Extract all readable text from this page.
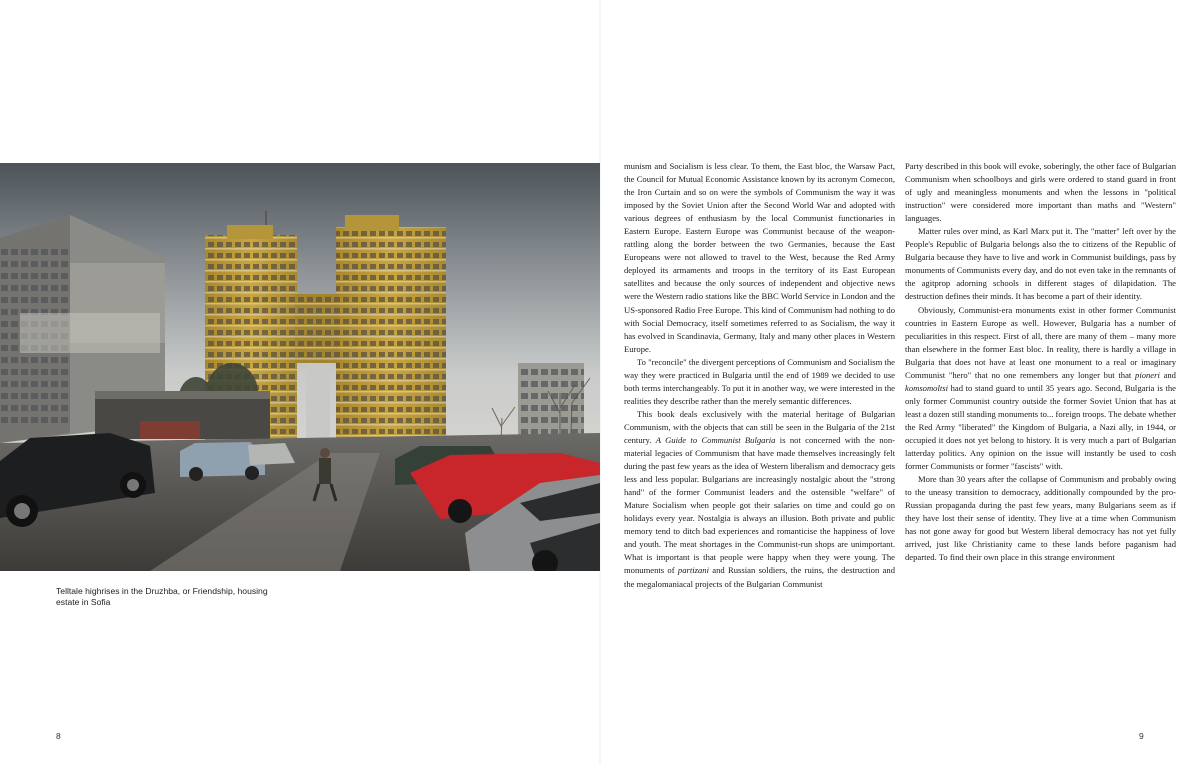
Telltale highrises in the Druzhba, or Friendship, housing estate in Sofia

munism and Socialism is less clear. To them, the East bloc, the Warsaw Pact, the Council for Mutual Economic Assistance known by its acronym Comecon, the Iron Curtain and so on were the symbols of Communism the way it was imposed by the Soviet Union after the Second World War and adopted with various degrees of enthusiasm by the local Communist functionaries in Eastern Europe. Eastern Europe was Communist because of the weapon-rattling along the border between the two Germanies, because the East Europeans were not allowed to travel to the West, because the Red Army deployed its armaments and troops in the territory of its East European satellites and because the only sources of independent and objective news were the Western radio stations like the BBC World Service in London and the US-sponsored Radio Free Europe. This kind of Communism had nothing to do with Social Democracy, itself sometimes referred to as Socialism, the way it has evolved in Scandinavia, Germany, Italy and many other places in Western Europe.

To "reconcile" the divergent perceptions of Communism and Socialism the way they were practiced in Bulgaria until the end of 1989 we decided to use both terms interchangeably. To put it in another way, we were interested in the realities they describe rather than the merely semantic differences.

This book deals exclusively with the material heritage of Bulgarian Communism, with the objects that can still be seen in the Bulgaria of the 21st century. A Guide to Communist Bulgaria is not concerned with the non-material legacies of Communism that have made themselves increasingly felt during the past few years as the idea of Western liberalism and democracy gets less and less popular. Bulgarians are increasingly nostalgic about the "strong hand" of the former Communist leaders and the ostensible "welfare" of Mature Socialism when people got their salaries on time and could go on holidays every year. Nostalgia is always an illusion. Both private and public memory tend to ditch bad experiences and romanticise the happiness of love and youth. The meat shortages in the Communist-run shops are unimportant. What is important is that people were happy when they were young. The monuments of partizani and Russian soldiers, the ruins, the destruction and the megalomaniacal projects of the Bulgarian Communist

Party described in this book will evoke, soberingly, the other face of Bulgarian Communism when schoolboys and girls were ordered to stand guard in front of ugly and meaningless monuments and when the lessons in "political instruction" were considered more important than maths and "Western" languages.

Matter rules over mind, as Karl Marx put it. The "matter" left over by the People's Republic of Bulgaria belongs also the to citizens of the Republic of Bulgaria because they have to live and work in Communist buildings, pass by monuments of Communists every day, and do not even take in the remnants of the agitprop adorning schools in different stages of dilapidation. The destruction defines their minds. It has become a part of their identity.

Obviously, Communist-era monuments exist in other former Communist countries in Eastern Europe as well. However, Bulgaria has a number of peculiarities in this respect. First of all, there are many of them – many more than elsewhere in the former East bloc. In reality, there is hardly a village in Bulgaria that does not have at least one monument to a real or imaginary Communist "hero" that no one remembers any longer but that pioneri and komsomoltsi had to stand guard to until 35 years ago. Second, Bulgaria is the only former Communist country outside the former Soviet Union that has at least a dozen still standing monuments to... foreign troops. The debate whether the Red Army "liberated" the Kingdom of Bulgaria, a Nazi ally, in 1944, or occupied it does not yet belong to history. It is very much a part of Bulgarian latterday politics. Any opinion on the issue will instantly be used to cosh former Communists or former "fascists" with.

More than 30 years after the collapse of Communism and probably owing to the uneasy transition to democracy, additionally compounded by the pro-Russian propaganda during the past few years, many Bulgarians seem as if they have lost their sense of identity. They live at a time when Communism has not gone away for good but Western liberal democracy has not yet fully arrived, just like Christianity came to these lands before paganism had departed. To find their own place in this strange environment

8	9
